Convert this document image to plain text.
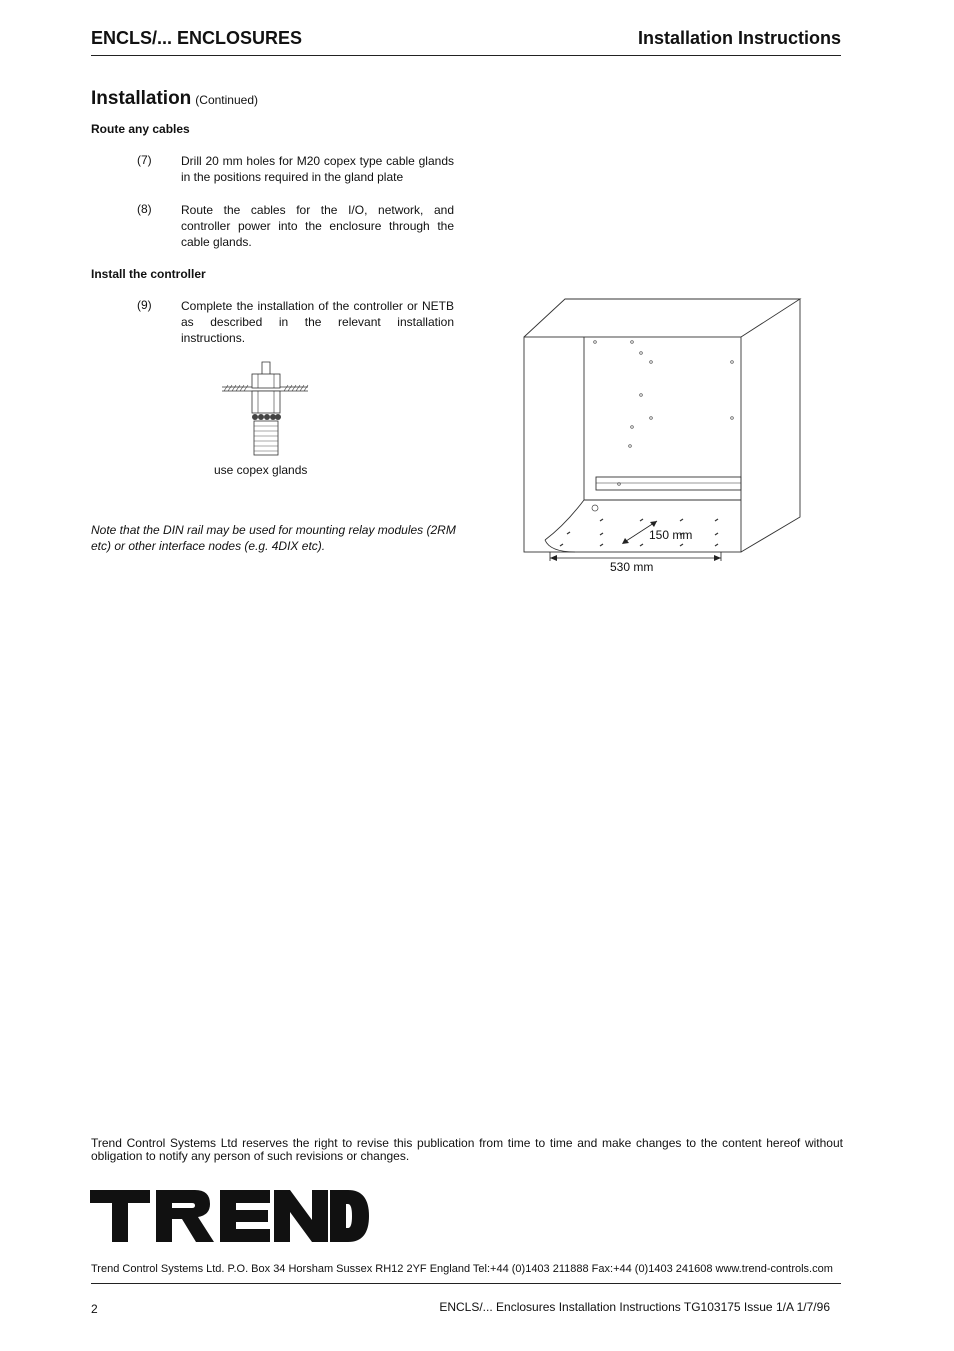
ENCLS/... ENCLOSURES	Installation Instructions
Installation (Continued)
Route any cables
(7) Drill 20 mm holes for M20 copex type cable glands in the positions required in the gland plate
(8) Route the cables for the I/O, network, and controller power into the enclosure through the cable glands.
Install the controller
(9) Complete the installation of the controller or NETB as described in the relevant installation instructions.
use copex glands
Note that the DIN rail may be used for mounting relay modules (2RM etc) or other interface nodes (e.g. 4DIX etc).
150 mm
530 mm
Trend Control Systems Ltd reserves the right to revise this publication from time to time and make changes to the content hereof without obligation to notify any person of such revisions or changes.
Trend Control Systems Ltd. P.O. Box 34 Horsham Sussex RH12 2YF England Tel:+44 (0)1403 211888 Fax:+44 (0)1403 241608 www.trend-controls.com
2	ENCLS/... Enclosures Installation Instructions TG103175 Issue 1/A 1/7/96
